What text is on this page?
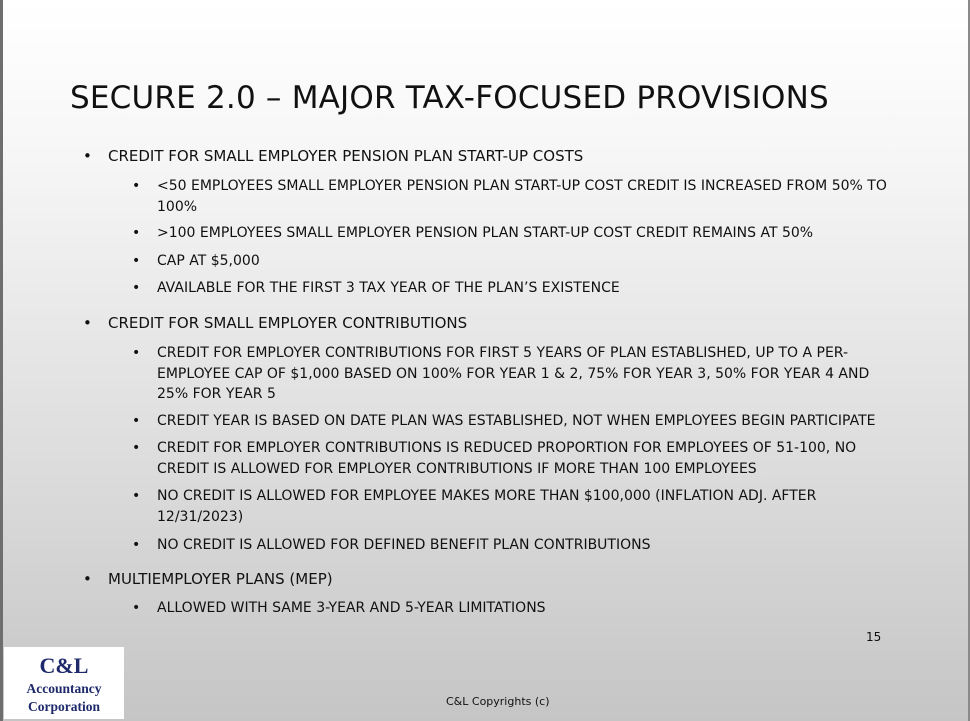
SECURE 2.0 – MAJOR TAX-FOCUSED PROVISIONS
• CREDIT FOR SMALL EMPLOYER PENSION PLAN START-UP COSTS
• <50 EMPLOYEES SMALL EMPLOYER PENSION PLAN START-UP COST CREDIT IS INCREASED FROM 50% TO 100%
• >100 EMPLOYEES SMALL EMPLOYER PENSION PLAN START-UP COST CREDIT REMAINS AT 50%
• CAP AT $5,000
• AVAILABLE FOR THE FIRST 3 TAX YEAR OF THE PLAN’S EXISTENCE
• CREDIT FOR SMALL EMPLOYER CONTRIBUTIONS
• CREDIT FOR EMPLOYER CONTRIBUTIONS FOR FIRST 5 YEARS OF PLAN ESTABLISHED, UP TO A PER-EMPLOYEE CAP OF $1,000 BASED ON 100% FOR YEAR 1 & 2, 75% FOR YEAR 3, 50% FOR YEAR 4 AND 25% FOR YEAR 5
• CREDIT YEAR IS BASED ON DATE PLAN WAS ESTABLISHED, NOT WHEN EMPLOYEES BEGIN PARTICIPATE
• CREDIT FOR EMPLOYER CONTRIBUTIONS IS REDUCED PROPORTION FOR EMPLOYEES OF 51-100, NO CREDIT IS ALLOWED FOR EMPLOYER CONTRIBUTIONS IF MORE THAN 100 EMPLOYEES
• NO CREDIT IS ALLOWED FOR EMPLOYEE MAKES MORE THAN $100,000 (INFLATION ADJ. AFTER 12/31/2023)
• NO CREDIT IS ALLOWED FOR DEFINED BENEFIT PLAN CONTRIBUTIONS
• MULTIEMPLOYER PLANS (MEP)
• ALLOWED WITH SAME 3-YEAR AND 5-YEAR LIMITATIONS
15
C&L
Accountancy
Corporation	C&L Copyrights (c)
